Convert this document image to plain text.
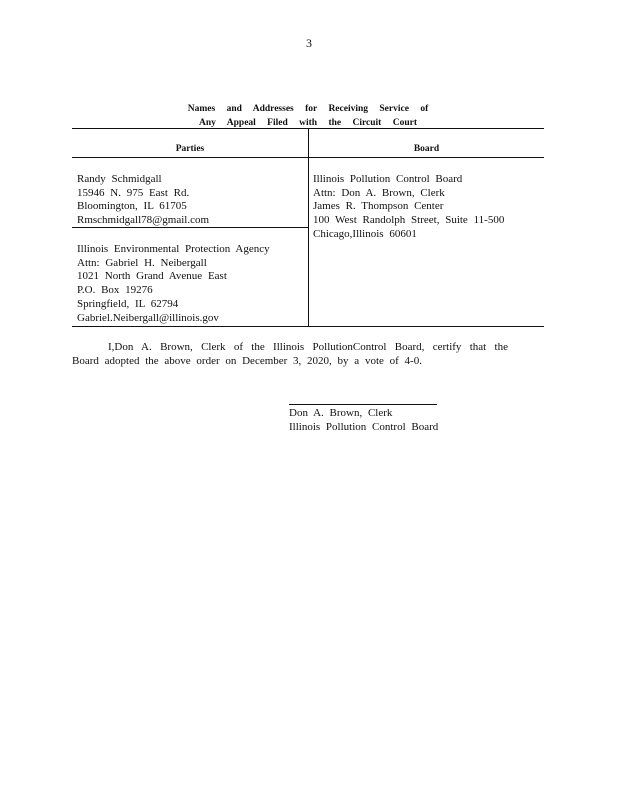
3
Names and Addresses for Receiving Service of
Any Appeal Filed with the Circuit Court
Parties	Board
Randy Schmidgall
15946 N. 975 East Rd.
Bloomington, IL 61705
Rmschmidgall78@gmail.com
Illinois Environmental Protection Agency
Attn: Gabriel H. Neibergall
1021 North Grand Avenue East
P.O. Box 19276
Springfield, IL 62794
Gabriel.Neibergall@illinois.gov
Illinois Pollution Control Board
Attn: Don A. Brown, Clerk
James R. Thompson Center
100 West Randolph Street, Suite 11-500
Chicago,Illinois 60601
I,Don A. Brown, Clerk of the Illinois PollutionControl Board, certify that the Board adopted the above order on December 3, 2020, by a vote of 4-0.
Don A. Brown, Clerk
Illinois Pollution Control Board
